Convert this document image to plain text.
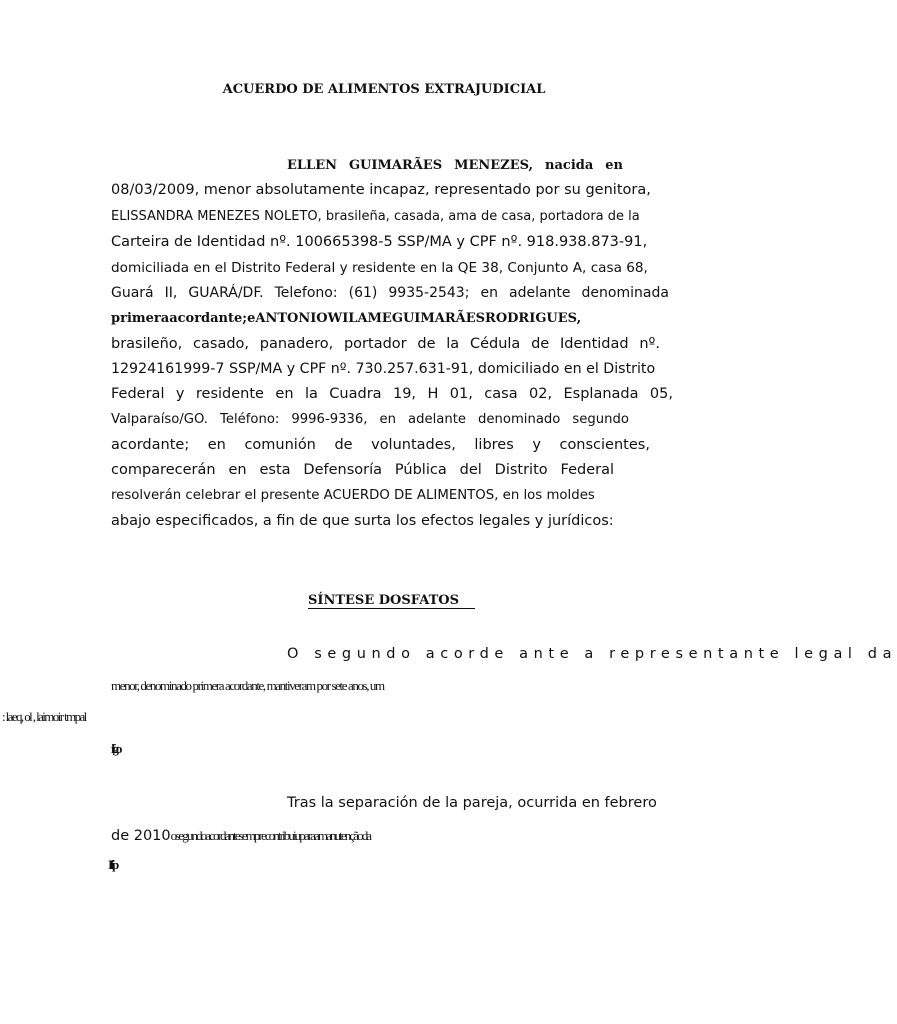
ACUERDO DE ALIMENTOS EXTRAJUDICIAL
ELLEN GUIMARÃES MENEZES, nacida en
08/03/2009, menor absolutamente incapaz, representado por su genitora,
ELISSANDRA MENEZES NOLETO, brasileña, casada, ama de casa, portadora de la
Carteira de Identidad nº. 100665398-5 SSP/MA y CPF nº. 918.938.873-91,
domiciliada en el Distrito Federal y residente en la QE 38, Conjunto A, casa 68,
Guará II, GUARÁ/DF. Telefono: (61) 9935-2543; en adelante denominada
primera acordante; eANTONIO WILAME GUIMARÃES RODRIGUES,
brasileño, casado, panadero, portador de la Cédula de Identidad nº.
12924161999-7 SSP/MA y CPF nº. 730.257.631-91, domiciliado en el Distrito
Federal y residente en la Cuadra 19, H 01, casa 02, Esplanada 05,
Valparaíso/GO. Teléfono: 9996-9336, en adelante denominado segundo
acordante; en comunión de voluntades, libres y conscientes,
comparecerán en esta Defensoría Pública del Distrito Federal
resolverán celebrar el presente ACUERDO DE ALIMENTOS, en los moldes
abajo especificados, a fin de que surta los efectos legales y jurídicos:
SÍNTESE DOSFATOS
O segundo acorde ante a representante legal da
menor, denominado primera acordante, mantiveram por sete anos, um
: laeq, ol , laimoir tmpal
ifgo
Tras la separación de la pareja, ocurrida en febrero
de 2010osegundoacordantesemprecontribuiuparaamanutençãoda
Ifip
